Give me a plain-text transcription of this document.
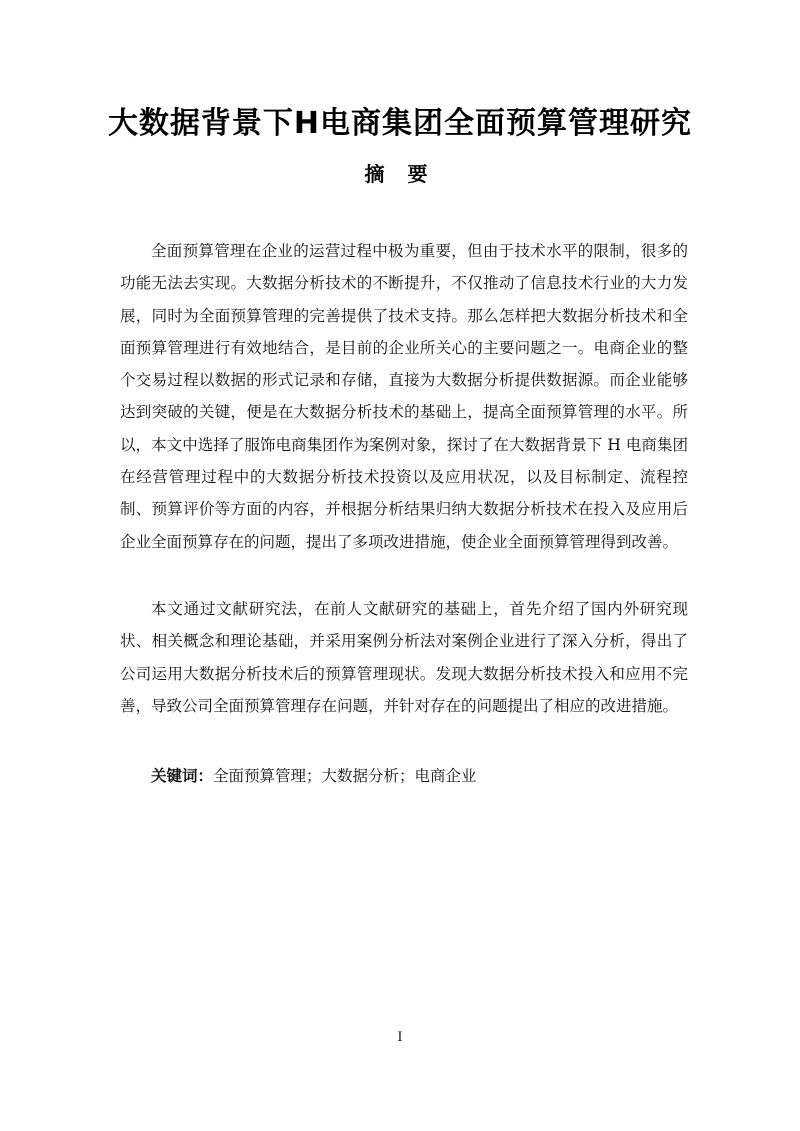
大数据背景下H电商集团全面预算管理研究
摘 要

全面预算管理在企业的运营过程中极为重要，但由于技术水平的限制，很多的功能无法去实现。大数据分析技术的不断提升，不仅推动了信息技术行业的大力发展，同时为全面预算管理的完善提供了技术支持。那么怎样把大数据分析技术和全面预算管理进行有效地结合，是目前的企业所关心的主要问题之一。电商企业的整个交易过程以数据的形式记录和存储，直接为大数据分析提供数据源。而企业能够达到突破的关键，便是在大数据分析技术的基础上，提高全面预算管理的水平。所以，本文中选择了服饰电商集团作为案例对象，探讨了在大数据背景下 H 电商集团在经营管理过程中的大数据分析技术投资以及应用状况，以及目标制定、流程控制、预算评价等方面的内容，并根据分析结果归纳大数据分析技术在投入及应用后企业全面预算存在的问题，提出了多项改进措施，使企业全面预算管理得到改善。

本文通过文献研究法，在前人文献研究的基础上，首先介绍了国内外研究现状、相关概念和理论基础，并采用案例分析法对案例企业进行了深入分析，得出了公司运用大数据分析技术后的预算管理现状。发现大数据分析技术投入和应用不完善，导致公司全面预算管理存在问题，并针对存在的问题提出了相应的改进措施。

关键词：全面预算管理；大数据分析；电商企业

I
